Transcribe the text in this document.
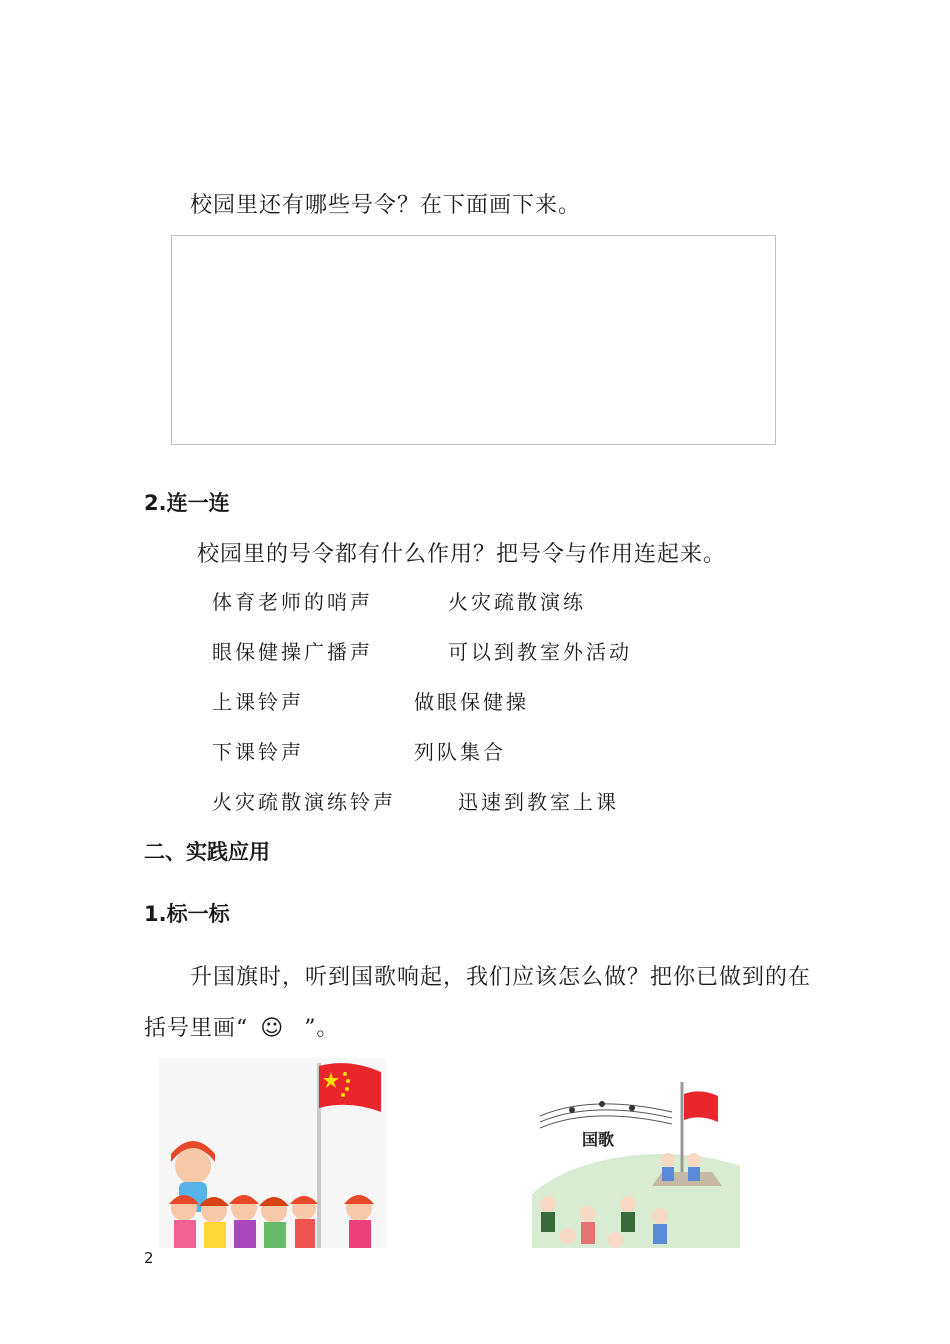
校园里还有哪些号令？在下面画下来。
2.连一连
校园里的号令都有什么作用？把号令与作用连起来。
体育老师的哨声	火灾疏散演练
眼保健操广播声	可以到教室外活动
上课铃声	做眼保健操
下课铃声	列队集合
火灾疏散演练铃声	迅速到教室上课
二、实践应用
1.标一标
升国旗时，听到国歌响起，我们应该怎么做？把你已做到的在
括号里画“ ☺ ”。
国歌
2
